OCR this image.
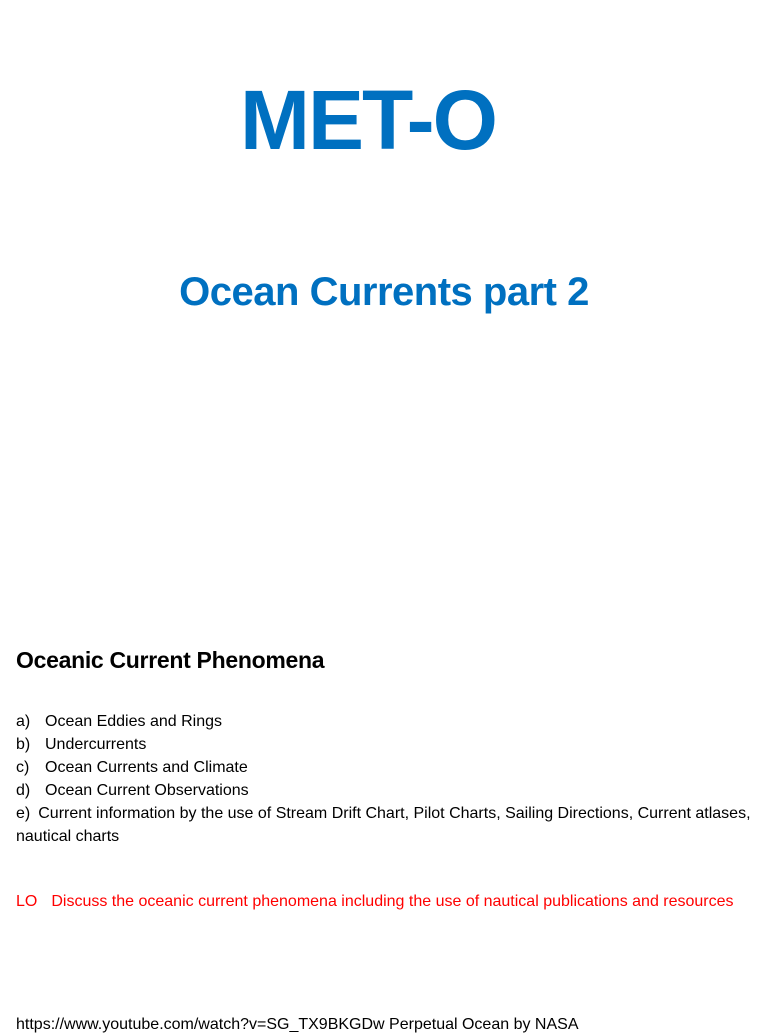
MET-O
Ocean Currents part 2
Oceanic Current Phenomena
a) Ocean Eddies and Rings
b) Undercurrents
c) Ocean Currents and Climate
d) Ocean Current Observations
e) Current information by the use of Stream Drift Chart, Pilot Charts, Sailing Directions, Current atlases, nautical charts
LO Discuss the oceanic current phenomena including the use of nautical publications and resources
https://www.youtube.com/watch?v=SG_TX9BKGDw Perpetual Ocean by NASA
